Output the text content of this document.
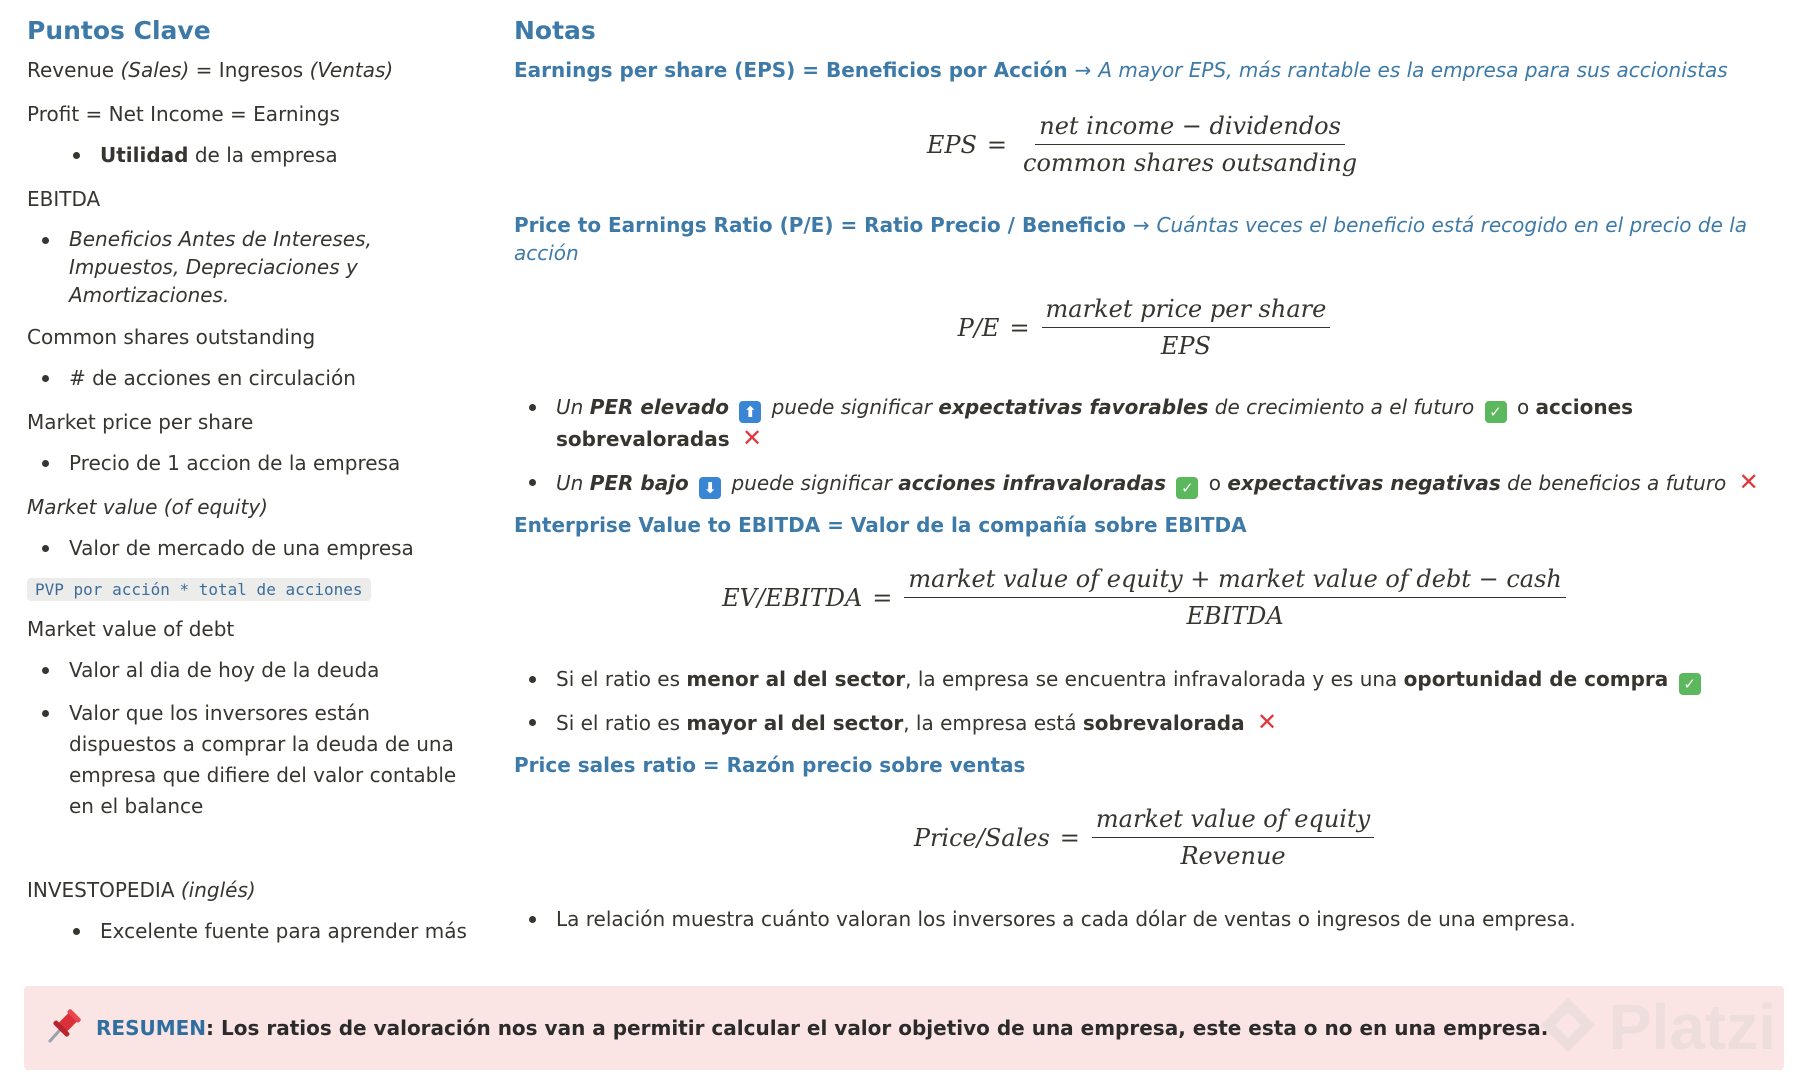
Puntos Clave
Revenue (Sales) = Ingresos (Ventas)
Profit = Net Income = Earnings
Utilidad de la empresa
EBITDA
Beneficios Antes de Intereses, Impuestos, Depreciaciones y Amortizaciones.
Common shares outstanding
# de acciones en circulación
Market price per share
Precio de 1 accion de la empresa
Market value (of equity)
Valor de mercado de una empresa
PVP por acción * total de acciones
Market value of debt
Valor al dia de hoy de la deuda
Valor que los inversores están dispuestos a comprar la deuda de una empresa que difiere del valor contable en el balance
INVESTOPEDIA (inglés)
Excelente fuente para aprender más
Notas
Earnings per share (EPS) = Beneficios por Acción → A mayor EPS, más rantable es la empresa para sus accionistas
EPS = $\frac{\text{net income − dividendos}}{\text{common shares outsanding}}$
Price to Earnings Ratio (P/E) = Ratio Precio / Beneficio → Cuántas veces el beneficio está recogido en el precio de la acción
$P/E = \frac{\text{market price per share}}{\text{EPS}}$
Un PER elevado ⬆ puede significar expectativas favorables de crecimiento a el futuro ✓ o acciones sobrevaloradas ✕
Un PER bajo ⬇ puede significar acciones infravaloradas ✓ o expectactivas negativas de beneficios a futuro ✕
Enterprise Value to EBITDA = Valor de la compañía sobre EBITDA
EV/EBITDA = $\frac{\text{market value of equity + market value of debt − cash}}{\text{EBITDA}}$
Si el ratio es menor al del sector, la empresa se encuentra infravalorada y es una oportunidad de compra ✓
Si el ratio es mayor al del sector, la empresa está sobrevalorada ✕
Price sales ratio = Razón precio sobre ventas
Price/Sales = $\frac{\text{market value of equity}}{\text{Revenue}}$
La relación muestra cuánto valoran los inversores a cada dólar de ventas o ingresos de una empresa.
RESUMEN : Los ratios de valoración nos van a permitir calcular el valor objetivo de una empresa, este esta o no en una empresa. Platzi
